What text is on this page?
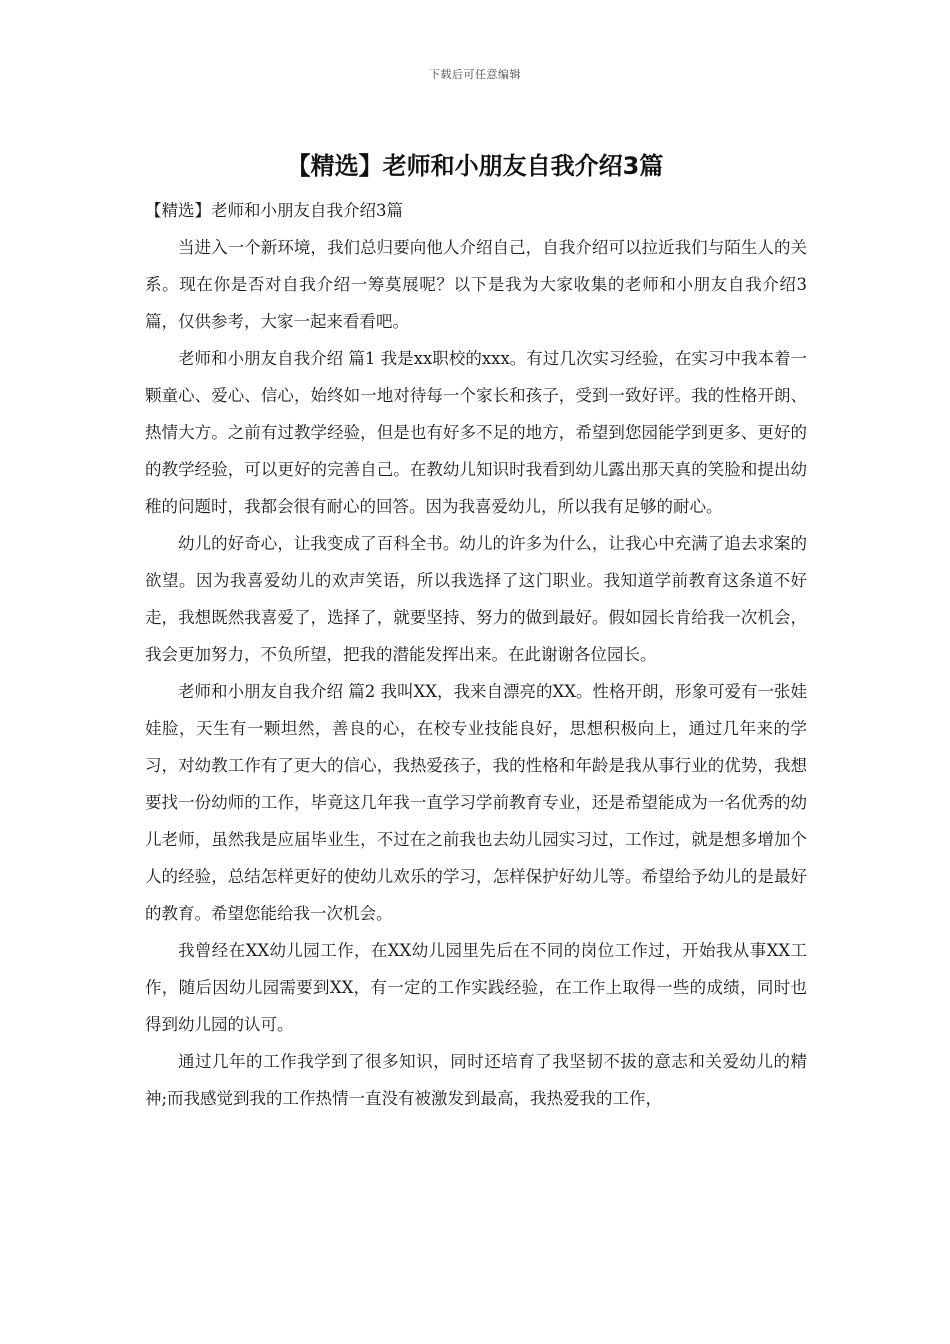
下载后可任意编辑
【精选】老师和小朋友自我介绍3篇

【精选】老师和小朋友自我介绍3篇

当进入一个新环境，我们总归要向他人介绍自己，自我介绍可以拉近我们与陌生人的关系。现在你是否对自我介绍一筹莫展呢？以下是我为大家收集的老师和小朋友自我介绍3篇，仅供参考，大家一起来看看吧。

老师和小朋友自我介绍 篇1 我是xx职校的xxx。有过几次实习经验，在实习中我本着一颗童心、爱心、信心，始终如一地对待每一个家长和孩子，受到一致好评。我的性格开朗、热情大方。之前有过教学经验，但是也有好多不足的地方，希望到您园能学到更多、更好的的教学经验，可以更好的完善自己。在教幼儿知识时我看到幼儿露出那天真的笑脸和提出幼稚的问题时，我都会很有耐心的回答。因为我喜爱幼儿，所以我有足够的耐心。

幼儿的好奇心，让我变成了百科全书。幼儿的许多为什么，让我心中充满了追去求案的欲望。因为我喜爱幼儿的欢声笑语，所以我选择了这门职业。我知道学前教育这条道不好走，我想既然我喜爱了，选择了，就要坚持、努力的做到最好。假如园长肯给我一次机会，我会更加努力，不负所望，把我的潜能发挥出来。在此谢谢各位园长。

老师和小朋友自我介绍 篇2 我叫XX，我来自漂亮的XX。性格开朗，形象可爱有一张娃娃脸，天生有一颗坦然，善良的心，在校专业技能良好，思想积极向上，通过几年来的学习，对幼教工作有了更大的信心，我热爱孩子，我的性格和年龄是我从事行业的优势，我想要找一份幼师的工作，毕竟这几年我一直学习学前教育专业，还是希望能成为一名优秀的幼儿老师，虽然我是应届毕业生，不过在之前我也去幼儿园实习过，工作过，就是想多增加个人的经验，总结怎样更好的使幼儿欢乐的学习，怎样保护好幼儿等。希望给予幼儿的是最好的教育。希望您能给我一次机会。

我曾经在XX幼儿园工作，在XX幼儿园里先后在不同的岗位工作过，开始我从事XX工作，随后因幼儿园需要到XX，有一定的工作实践经验，在工作上取得一些的成绩，同时也得到幼儿园的认可。

通过几年的工作我学到了很多知识，同时还培育了我坚韧不拔的意志和关爱幼儿的精神;而我感觉到我的工作热情一直没有被激发到最高，我热爱我的工作，
